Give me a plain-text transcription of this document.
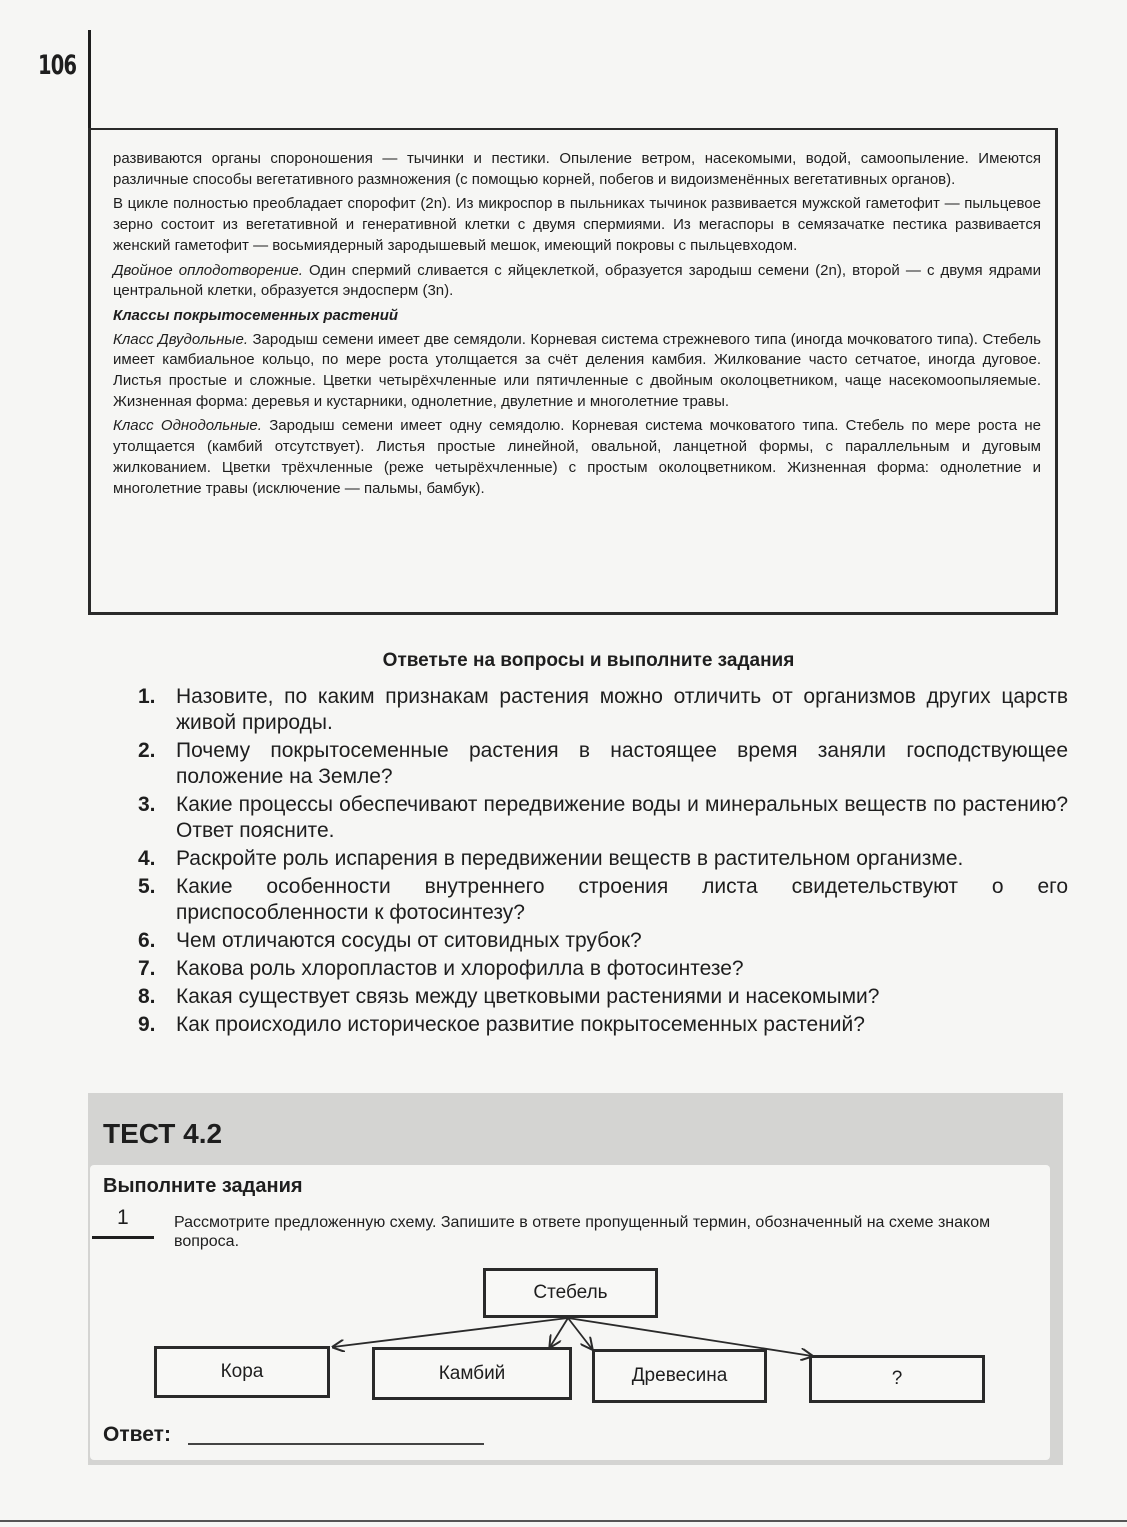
106

развиваются органы спороношения — тычинки и пестики. Опыление ветром, насекомыми, водой, самоопыление. Имеются различные способы вегетативного размножения (с помощью корней, побегов и видоизменённых вегетативных органов).

В цикле полностью преобладает спорофит (2n). Из микроспор в пыльниках тычинок развивается мужской гаметофит — пыльцевое зерно состоит из вегетативной и генеративной клетки с двумя спермиями. Из мегаспоры в семязачатке пестика развивается женский гаметофит — восьмиядерный зародышевый мешок, имеющий покровы с пыльцевходом.

Двойное оплодотворение. Один спермий сливается с яйцеклеткой, образуется зародыш семени (2n), второй — с двумя ядрами центральной клетки, образуется эндосперм (3n).

Классы покрытосеменных растений

Класс Двудольные. Зародыш семени имеет две семядоли. Корневая система стрежневого типа (иногда мочковатого типа). Стебель имеет камбиальное кольцо, по мере роста утолщается за счёт деления камбия. Жилкование часто сетчатое, иногда дуговое. Листья простые и сложные. Цветки четырёхчленные или пятичленные с двойным околоцветником, чаще насекомоопыляемые. Жизненная форма: деревья и кустарники, однолетние, двулетние и многолетние травы.

Класс Однодольные. Зародыш семени имеет одну семядолю. Корневая система мочковатого типа. Стебель по мере роста не утолщается (камбий отсутствует). Листья простые линейной, овальной, ланцетной формы, с параллельным и дуговым жилкованием. Цветки трёхчленные (реже четырёхчленные) с простым околоцветником. Жизненная форма: однолетние и многолетние травы (исключение — пальмы, бамбук).

Ответьте на вопросы и выполните задания
1. Назовите, по каким признакам растения можно отличить от организмов других царств живой природы.
2. Почему покрытосеменные растения в настоящее время заняли господствующее положение на Земле?
3. Какие процессы обеспечивают передвижение воды и минеральных веществ по растению? Ответ поясните.
4. Раскройте роль испарения в передвижении веществ в растительном организме.
5. Какие особенности внутреннего строения листа свидетельствуют о его приспособленности к фотосинтезу?
6. Чем отличаются сосуды от ситовидных трубок?
7. Какова роль хлоропластов и хлорофилла в фотосинтезе?
8. Какая существует связь между цветковыми растениями и насекомыми?
9. Как происходило историческое развитие покрытосеменных растений?
ТЕСТ 4.2
Выполните задания
1	Рассмотрите предложенную схему. Запишите в ответе пропущенный термин, обозначенный на схеме знаком вопроса.
Стебель
Кора	Камбий	Древесина	?
Ответ:
